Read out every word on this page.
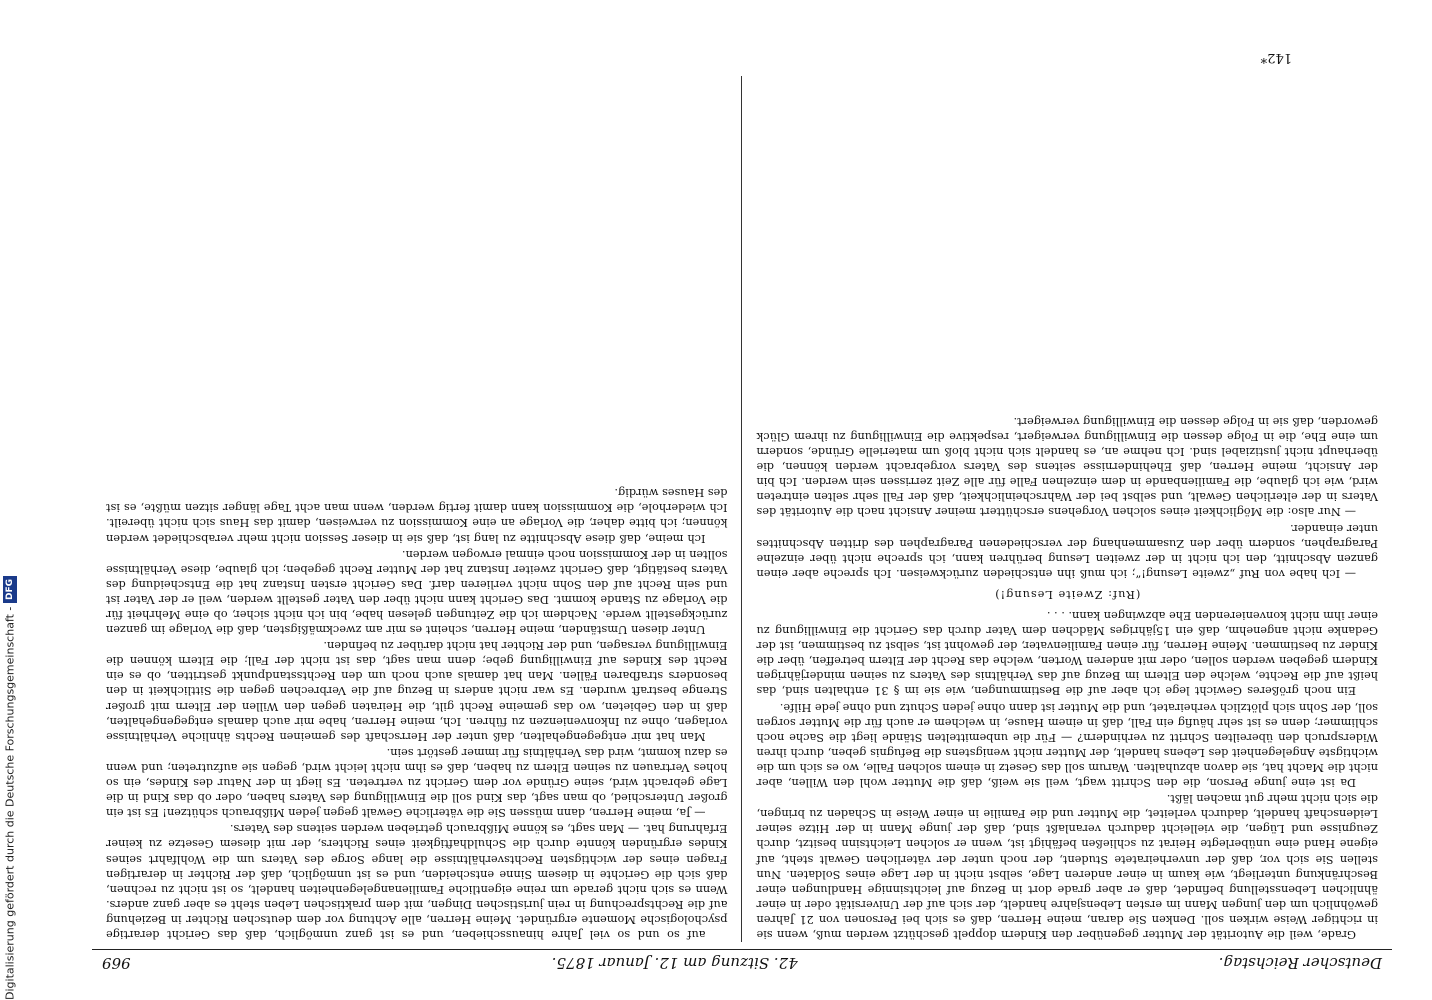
Deutscher Reichstag.
42. Sitzung am 12. Januar 1875.
969

Grade, weil die Autorität der Mutter gegenüber den Kindern doppelt geschützt werden muß, wenn sie in richtiger Weise wirken soll. Denken Sie daran, meine Herren, daß es sich bei Personen von 21 Jahren gewöhnlich um den jungen Mann im ersten Lebensjahre handelt, der sich auf der Universität oder in einer ähnlichen Lebensstellung befindet, daß er aber grade dort in Bezug auf leichtsinnige Handlungen einer Beschränkung unterliegt, wie kaum in einer anderen Lage, selbst nicht in der Lage eines Soldaten. Nun stellen Sie sich vor, daß der unverheiratete Student, der noch unter der väterlichen Gewalt steht, auf eigene Hand eine unüberlegte Heirat zu schließen befähigt ist, wenn er solchen Leichtsinn besitzt, durch Zeugnisse und Lügen, die vielleicht dadurch veranlaßt sind, daß der junge Mann in der Hitze seiner Leidenschaft handelt, dadurch verleitet, die Mutter und die Familie in einer Weise in Schaden zu bringen, die sich nicht mehr gut machen läßt.

Da ist eine junge Person, die den Schritt wagt, weil sie weiß, daß die Mutter wohl den Willen, aber nicht die Macht hat, sie davon abzuhalten. Warum soll das Gesetz in einem solchen Falle, wo es sich um die wichtigste Angelegenheit des Lebens handelt, der Mutter nicht wenigstens die Befugnis geben, durch ihren Widerspruch den übereilten Schritt zu verhindern? — Für die unbemittelten Stände liegt die Sache noch schlimmer; denn es ist sehr häufig ein Fall, daß in einem Hause, in welchem er auch für die Mutter sorgen soll, der Sohn sich plötzlich verheiratet, und die Mutter ist dann ohne jeden Schutz und ohne jede Hilfe.

Ein noch größeres Gewicht lege ich aber auf die Bestimmungen, wie sie im § 31 enthalten sind, das heißt auf die Rechte, welche den Eltern im Bezug auf das Verhältnis des Vaters zu seinen minderjährigen Kindern gegeben werden sollen, oder mit anderen Worten, welche das Recht der Eltern betreffen, über die Kinder zu bestimmen. Meine Herren, für einen Familienvater, der gewohnt ist, selbst zu bestimmen, ist der Gedanke nicht angenehm, daß ein 15jähriges Mädchen dem Vater durch das Gericht die Einwilligung zu einer ihm nicht konvenierenden Ehe abzwingen kann. . . .

(Ruf: Zweite Lesung!)

— Ich habe von Ruf „zweite Lesung!“; ich muß ihn entschieden zurückweisen. Ich spreche aber einen ganzen Abschnitt, den ich nicht in der zweiten Lesung berühren kann, ich spreche nicht über einzelne Paragraphen, sondern über den Zusammenhang der verschiedenen Paragraphen des dritten Abschnittes unter einander.

— Nur also: die Möglichkeit eines solchen Vorgehens erschüttert meiner Ansicht nach die Autorität des Vaters in der elterlichen Gewalt, und selbst bei der Wahrscheinlichkeit, daß der Fall sehr selten eintreten wird, wie ich glaube, die Familienbande in dem einzelnen Falle für alle Zeit zerrissen sein werden. Ich bin der Ansicht, meine Herren, daß Ehehindernisse seitens des Vaters vorgebracht werden können, die überhaupt nicht justiziabel sind. Ich nehme an, es handelt sich nicht bloß um materielle Gründe, sondern um eine Ehe, die in Folge dessen die Einwilligung verweigert, respektive die Einwilligung zu ihrem Glück geworden, daß sie in Folge dessen die Einwilligung verweigert.

auf so und so viel Jahre hinausschieben, und es ist ganz unmöglich, daß das Gericht derartige psychologische Momente ergründet. Meine Herren, alle Achtung vor dem deutschen Richter in Beziehung auf die Rechtsprechung in rein juristischen Dingen, mit dem praktischen Leben steht es aber ganz anders. Wenn es sich nicht gerade um reine eigentliche Familienangelegenheiten handelt, so ist nicht zu rechnen, daß sich die Gerichte in diesem Sinne entscheiden, und es ist unmöglich, daß der Richter in derartigen Fragen eines der wichtigsten Rechtsverhältnisse die lange Sorge des Vaters um die Wohlfahrt seines Kindes ergründen könnte durch die Schuldhaftigkeit eines Richters, der mit diesem Gesetze zu keiner Erfahrung hat. — Man sagt, es könne Mißbrauch getrieben werden seitens des Vaters.

— Ja, meine Herren, dann müssen Sie die väterliche Gewalt gegen jeden Mißbrauch schützen! Es ist ein großer Unterschied, ob man sagt, das Kind soll die Einwilligung des Vaters haben, oder ob das Kind in die Lage gebracht wird, seine Gründe vor dem Gericht zu vertreten. Es liegt in der Natur des Kindes, ein so hohes Vertrauen zu seinen Eltern zu haben, daß es ihm nicht leicht wird, gegen sie aufzutreten; und wenn es dazu kommt, wird das Verhältnis für immer gestört sein.

Man hat mir entgegengehalten, daß unter der Herrschaft des gemeinen Rechts ähnliche Verhältnisse vorlagen, ohne zu Inkonvenienzen zu führen. Ich, meine Herren, habe mir auch damals entgegengehalten, daß in den Gebieten, wo das gemeine Recht gilt, die Heiraten gegen den Willen der Eltern mit großer Strenge bestraft wurden. Es war nicht anders in Bezug auf die Verbrechen gegen die Sittlichkeit in den besonders strafbaren Fällen. Man hat damals auch noch um den Rechtsstandpunkt gestritten, ob es ein Recht des Kindes auf Einwilligung gebe; denn man sagt, das ist nicht der Fall; die Eltern können die Einwilligung versagen, und der Richter hat nicht darüber zu befinden.

Unter diesen Umständen, meine Herren, scheint es mir am zweckmäßigsten, daß die Vorlage im ganzen zurückgestellt werde. Nachdem ich die Zeitungen gelesen habe, bin ich nicht sicher, ob eine Mehrheit für die Vorlage zu Stande kommt. Das Gericht kann nicht über den Vater gestellt werden, weil er der Vater ist und sein Recht auf den Sohn nicht verlieren darf. Das Gericht ersten Instanz hat die Entscheidung des Vaters bestätigt, daß Gericht zweiter Instanz hat der Mutter Recht gegeben; ich glaube, diese Verhältnisse sollten in der Kommission noch einmal erwogen werden.

Ich meine, daß diese Abschnitte zu lang ist, daß sie in dieser Session nicht mehr verabschiedet werden können; ich bitte daher, die Vorlage an eine Kommission zu verweisen, damit das Haus sich nicht übereilt. Ich wiederhole, die Kommission kann damit fertig werden, wenn man acht Tage länger sitzen müßte, es ist des Hauses würdig.

142*
Digitalisierung gefördert durch die Deutsche Forschungsgemeinschaft -
DFG
